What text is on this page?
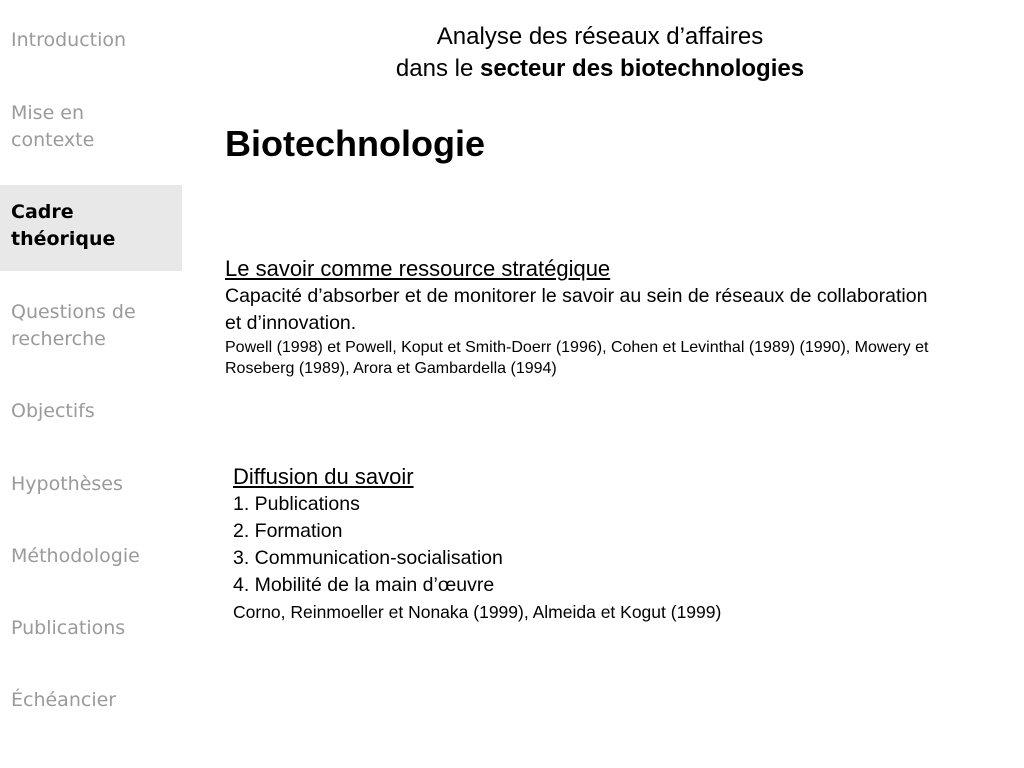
Introduction
Mise en contexte
Cadre théorique
Questions de recherche
Objectifs
Hypothèses
Méthodologie
Publications
Échéancier
Analyse des réseaux d’affaires
dans le secteur des biotechnologies
Biotechnologie
Le savoir comme ressource stratégique
Capacité d’absorber et de monitorer le savoir au sein de réseaux de collaboration et d’innovation.
Powell (1998) et Powell, Koput et Smith-Doerr (1996), Cohen et Levinthal (1989) (1990), Mowery et Roseberg (1989), Arora et Gambardella (1994)
Diffusion du savoir
1. Publications
2. Formation
3. Communication-socialisation
4. Mobilité de la main d’œuvre
Corno, Reinmoeller et Nonaka (1999), Almeida et Kogut (1999)
